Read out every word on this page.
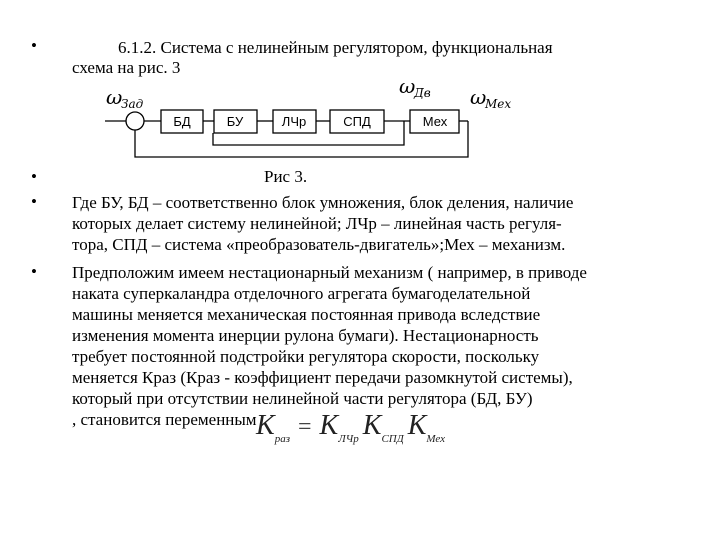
•	6.1.2. Система с нелинейным регулятором, функциональная
схема на рис. 3
ω
Зад
ω
Дв ω
Мех
БД	БУ	ЛЧр	СПД	Мех
•	Рис 3.
• Где БУ, БД – соответственно блок умножения, блок деления, наличие
которых делает систему нелинейной; ЛЧр – линейная часть регуля-
тора, СПД – система «преобразователь-двигатель»;Мех – механизм.
• Предположим имеем нестационарный механизм ( например, в приводе
наката суперкаландра отделочного агрегата бумагоделательной
машины меняется механическая постоянная привода вследствие
изменения момента инерции рулона бумаги). Нестационарность
требует постоянной подстройки регулятора скорости, поскольку
меняется Краз (Краз - коэффициент передачи разомкнутой системы),
который при отсутствии нелинейной части регулятора (БД, БУ)
, становится переменным $K_{раз} = K_{ЛЧр}$ $K_{СПД}$ $K_{Мех}$
